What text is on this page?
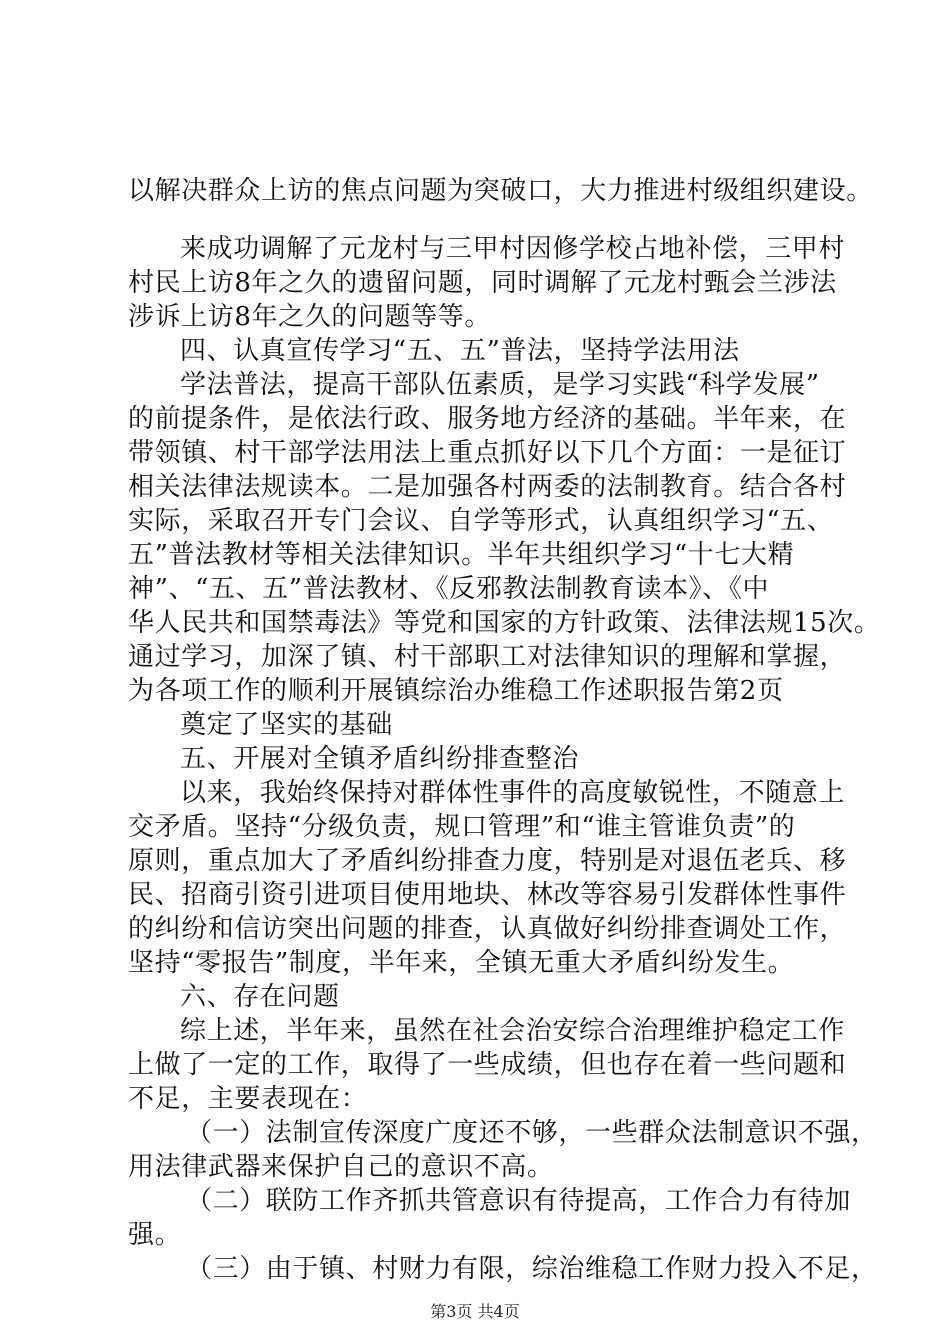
以解决群众上访的焦点问题为突破口，大力推进村级组织建设。
来成功调解了元龙村与三甲村因修学校占地补偿，三甲村
村民上访8年之久的遗留问题，同时调解了元龙村甄会兰涉法
涉诉上访8年之久的问题等等。
四、认真宣传学习“五、五”普法，坚持学法用法
学法普法，提高干部队伍素质，是学习实践“科学发展”
的前提条件，是依法行政、服务地方经济的基础。半年来，在
带领镇、村干部学法用法上重点抓好以下几个方面：一是征订
相关法律法规读本。二是加强各村两委的法制教育。结合各村
实际，采取召开专门会议、自学等形式，认真组织学习“五、
五”普法教材等相关法律知识。半年共组织学习“十七大精
神”、“五、五”普法教材、《反邪教法制教育读本》、《中
华人民共和国禁毒法》等党和国家的方针政策、法律法规15次。
通过学习，加深了镇、村干部职工对法律知识的理解和掌握，
为各项工作的顺利开展镇综治办维稳工作述职报告第2页
奠定了坚实的基础
五、开展对全镇矛盾纠纷排查整治
以来，我始终保持对群体性事件的高度敏锐性，不随意上
交矛盾。坚持“分级负责，规口管理”和“谁主管谁负责”的
原则，重点加大了矛盾纠纷排查力度，特别是对退伍老兵、移
民、招商引资引进项目使用地块、林改等容易引发群体性事件
的纠纷和信访突出问题的排查，认真做好纠纷排查调处工作，
坚持“零报告”制度，半年来，全镇无重大矛盾纠纷发生。
六、存在问题
综上述，半年来，虽然在社会治安综合治理维护稳定工作
上做了一定的工作，取得了一些成绩，但也存在着一些问题和
不足，主要表现在：
（一）法制宣传深度广度还不够，一些群众法制意识不强，
用法律武器来保护自己的意识不高。
（二）联防工作齐抓共管意识有待提高，工作合力有待加
强。
（三）由于镇、村财力有限，综治维稳工作财力投入不足，
第3页 共4页
